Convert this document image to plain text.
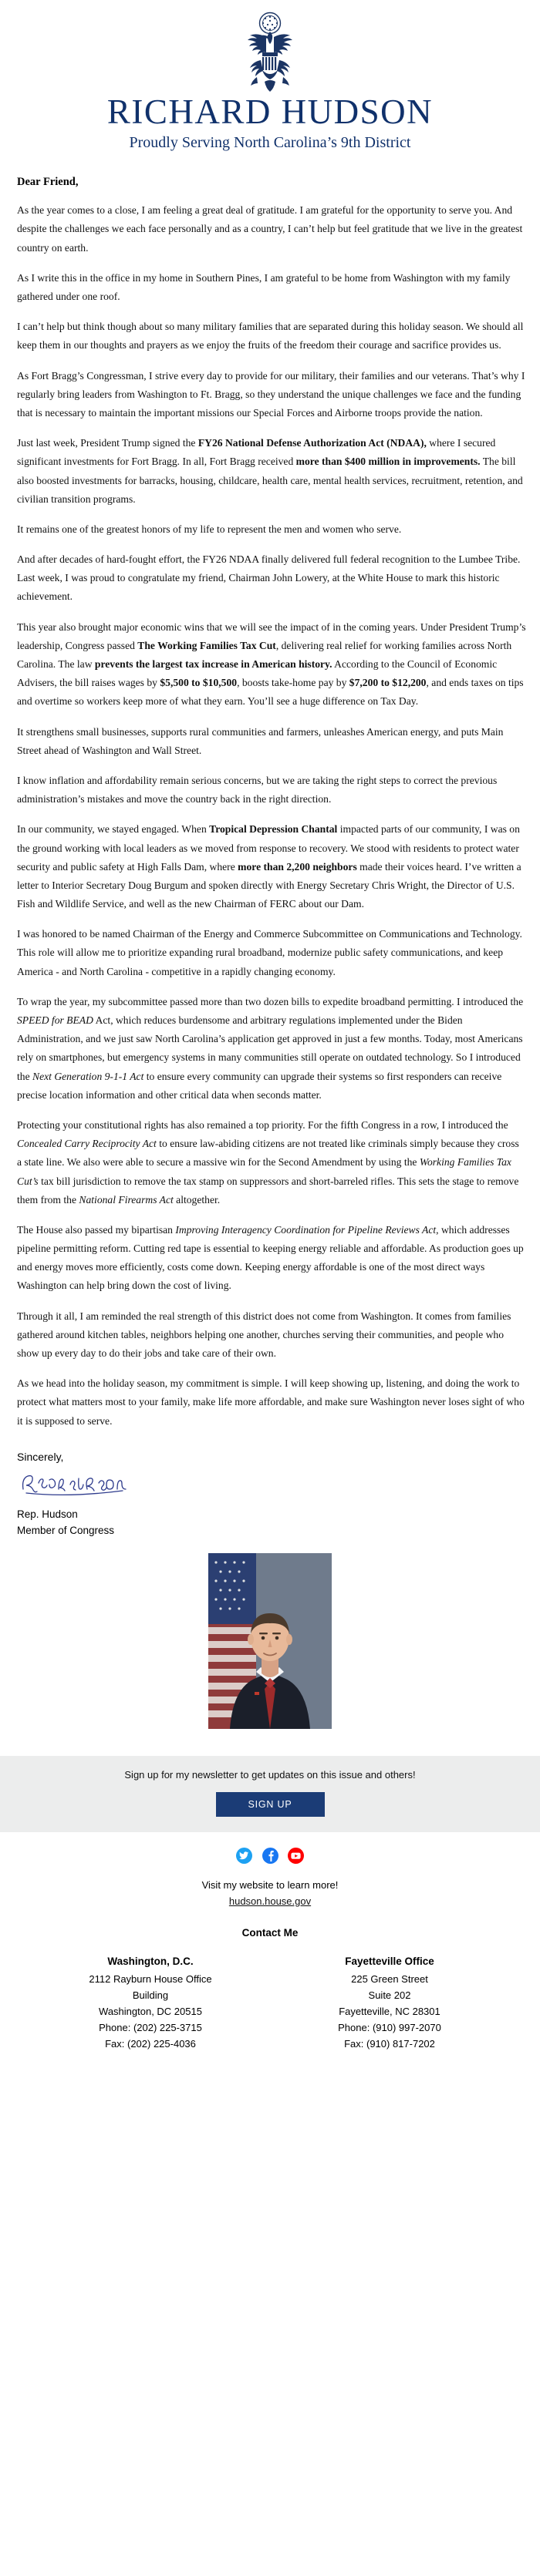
RICHARD HUDSON
Proudly Serving North Carolina’s 9th District

Dear Friend,

As the year comes to a close, I am feeling a great deal of gratitude. I am grateful for the opportunity to serve you. And despite the challenges we each face personally and as a country, I can’t help but feel gratitude that we live in the greatest country on earth.

As I write this in the office in my home in Southern Pines, I am grateful to be home from Washington with my family gathered under one roof.

I can’t help but think though about so many military families that are separated during this holiday season. We should all keep them in our thoughts and prayers as we enjoy the fruits of the freedom their courage and sacrifice provides us.

As Fort Bragg’s Congressman, I strive every day to provide for our military, their families and our veterans. That’s why I regularly bring leaders from Washington to Ft. Bragg, so they understand the unique challenges we face and the funding that is necessary to maintain the important missions our Special Forces and Airborne troops provide the nation.

Just last week, President Trump signed the FY26 National Defense Authorization Act (NDAA), where I secured significant investments for Fort Bragg. In all, Fort Bragg received more than $400 million in improvements. The bill also boosted investments for barracks, housing, childcare, health care, mental health services, recruitment, retention, and civilian transition programs.

It remains one of the greatest honors of my life to represent the men and women who serve.

And after decades of hard-fought effort, the FY26 NDAA finally delivered full federal recognition to the Lumbee Tribe. Last week, I was proud to congratulate my friend, Chairman John Lowery, at the White House to mark this historic achievement.

This year also brought major economic wins that we will see the impact of in the coming years. Under President Trump’s leadership, Congress passed The Working Families Tax Cut, delivering real relief for working families across North Carolina. The law prevents the largest tax increase in American history. According to the Council of Economic Advisers, the bill raises wages by $5,500 to $10,500, boosts take-home pay by $7,200 to $12,200, and ends taxes on tips and overtime so workers keep more of what they earn. You’ll see a huge difference on Tax Day.

It strengthens small businesses, supports rural communities and farmers, unleashes American energy, and puts Main Street ahead of Washington and Wall Street.

I know inflation and affordability remain serious concerns, but we are taking the right steps to correct the previous administration’s mistakes and move the country back in the right direction.

In our community, we stayed engaged. When Tropical Depression Chantal impacted parts of our community, I was on the ground working with local leaders as we moved from response to recovery. We stood with residents to protect water security and public safety at High Falls Dam, where more than 2,200 neighbors made their voices heard. I’ve written a letter to Interior Secretary Doug Burgum and spoken directly with Energy Secretary Chris Wright, the Director of U.S. Fish and Wildlife Service, and well as the new Chairman of FERC about our Dam.

I was honored to be named Chairman of the Energy and Commerce Subcommittee on Communications and Technology. This role will allow me to prioritize expanding rural broadband, modernize public safety communications, and keep America - and North Carolina - competitive in a rapidly changing economy.

To wrap the year, my subcommittee passed more than two dozen bills to expedite broadband permitting. I introduced the SPEED for BEAD Act, which reduces burdensome and arbitrary regulations implemented under the Biden Administration, and we just saw North Carolina’s application get approved in just a few months. Today, most Americans rely on smartphones, but emergency systems in many communities still operate on outdated technology. So I introduced the Next Generation 9-1-1 Act to ensure every community can upgrade their systems so first responders can receive precise location information and other critical data when seconds matter.

Protecting your constitutional rights has also remained a top priority. For the fifth Congress in a row, I introduced the Concealed Carry Reciprocity Act to ensure law-abiding citizens are not treated like criminals simply because they cross a state line. We also were able to secure a massive win for the Second Amendment by using the Working Families Tax Cut’s tax bill jurisdiction to remove the tax stamp on suppressors and short-barreled rifles. This sets the stage to remove them from the National Firearms Act altogether.

The House also passed my bipartisan Improving Interagency Coordination for Pipeline Reviews Act, which addresses pipeline permitting reform. Cutting red tape is essential to keeping energy reliable and affordable. As production goes up and energy moves more efficiently, costs come down. Keeping energy affordable is one of the most direct ways Washington can help bring down the cost of living.

Through it all, I am reminded the real strength of this district does not come from Washington. It comes from families gathered around kitchen tables, neighbors helping one another, churches serving their communities, and people who show up every day to do their jobs and take care of their own.

As we head into the holiday season, my commitment is simple. I will keep showing up, listening, and doing the work to protect what matters most to your family, make life more affordable, and make sure Washington never loses sight of who it is supposed to serve.

Sincerely,

Rep. Hudson

Member of Congress

Sign up for my newsletter to get updates on this issue and others!

SIGN UP

Visit my website to learn more!

hudson.house.gov

Contact Me

Washington, D.C.

2112 Rayburn House Office

Building

Washington, DC 20515

Phone: (202) 225-3715

Fax: (202) 225-4036

Fayetteville Office

225 Green Street

Suite 202

Fayetteville, NC 28301

Phone: (910) 997-2070

Fax: (910) 817-7202
